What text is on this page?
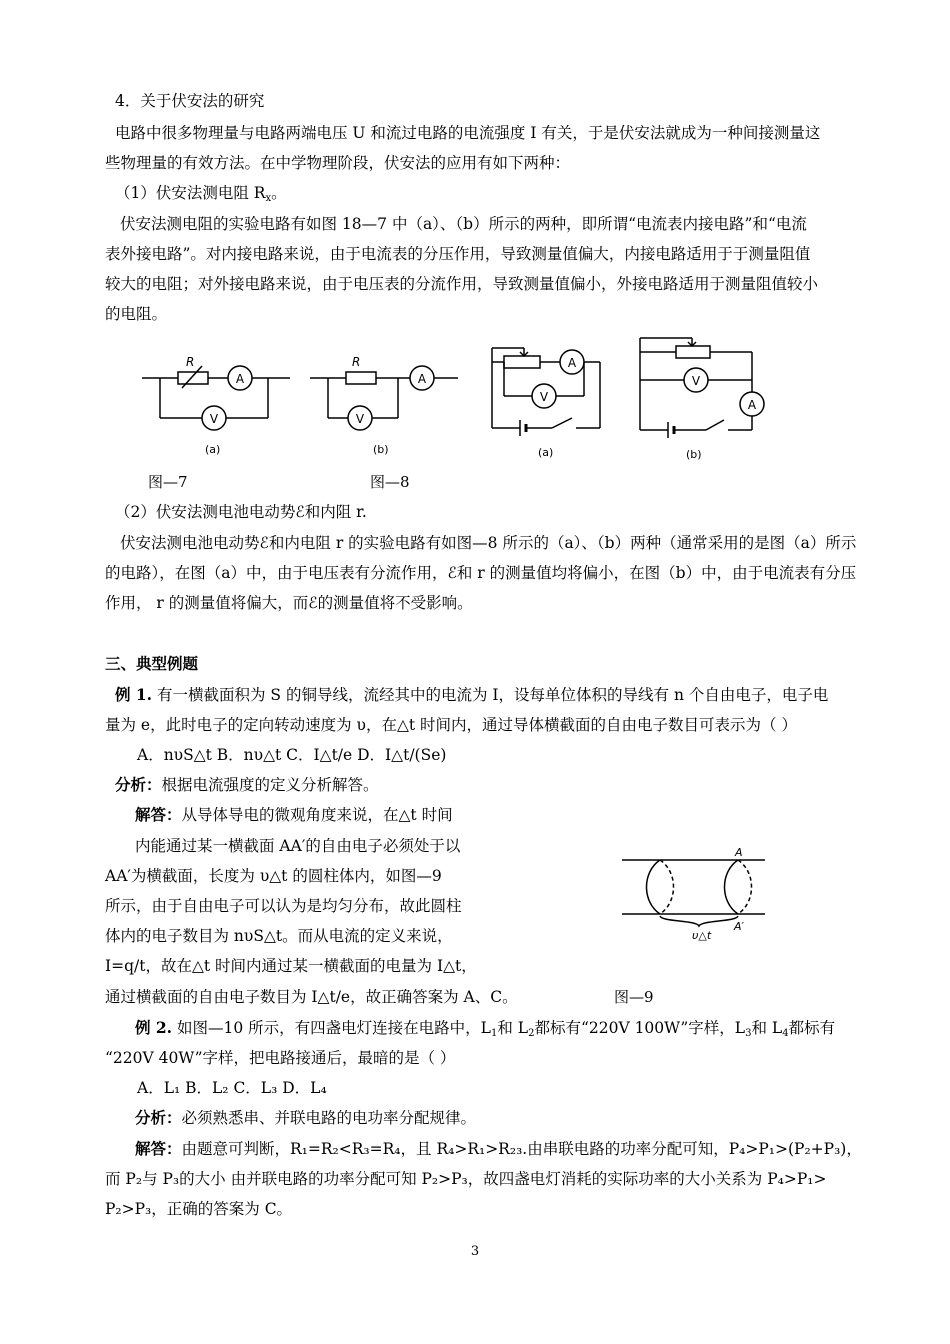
4．关于伏安法的研究
电路中很多物理量与电路两端电压 U 和流过电路的电流强度 I 有关，于是伏安法就成为一种间接测量这
些物理量的有效方法。在中学物理阶段，伏安法的应用有如下两种：
（1）伏安法测电阻 $R_x$。
伏安法测电阻的实验电路有如图 18—7 中（a）、（b）所示的两种，即所谓“电流表内接电路”和“电流
表外接电路”。对内接电路来说，由于电流表的分压作用，导致测量值偏大，内接电路适用于于测量阻值
较大的电阻；对外接电路来说，由于电压表的分流作用，导致测量值偏小，外接电路适用于测量阻值较小
的电阻。
R
A
V
(a)
R
A
V
(b)
A
V
(a)
A
V
(b)
图—7	图—8
（2）伏安法测电池电动势ℰ和内阻 r.
伏安法测电池电动势ℰ和内电阻 r 的实验电路有如图—8 所示的（a）、（b）两种（通常采用的是图（a）所示
的电路），在图（a）中，由于电压表有分流作用，ℰ和 r 的测量值均将偏小，在图（b）中，由于电流表有分压
作用， r 的测量值将偏大，而ℰ的测量值将不受影响。
三、典型例题
例 1. 有一横截面积为 S 的铜导线，流经其中的电流为 I，设每单位体积的导线有 n 个自由电子，电子电
量为 e，此时电子的定向转动速度为 υ，在△t 时间内，通过导体横截面的自由电子数目可表示为（ ）
A．nυS△t B．nυ△t C．I△t/e D．I△t/(Se)
分析：根据电流强度的定义分析解答。
解答：从导体导电的微观角度来说，在△t 时间
内能通过某一横截面 AA′的自由电子必须处于以
AA′为横截面，长度为 υ△t 的圆柱体内，如图—9
所示，由于自由电子可以认为是均匀分布，故此圆柱
体内的电子数目为 nυS△t。而从电流的定义来说，
I=q/t，故在△t 时间内通过某一横截面的电量为 I△t，
通过横截面的自由电子数目为 I△t/e，故正确答案为 A、C。
A
A′
υ△t
图—9
例 2. 如图—10 所示，有四盏电灯连接在电路中，$L_1$和 $L_2$都标有“220V 100W”字样，$L_3$和 $L_4$都标有
“220V 40W”字样，把电路接通后，最暗的是（ ）
A．L₁ B．L₂ C．L₃ D．L₄
分析：必须熟悉串、并联电路的电功率分配规律。
解答：由题意可判断，R₁=R₂<R₃=R₄，且 R₄>R₁>R₂₃.由串联电路的功率分配可知，P₄>P₁>(P₂+P₃)，
而 P₂与 P₃的大小 由并联电路的功率分配可知 P₂>P₃，故四盏电灯消耗的实际功率的大小关系为 P₄>P₁>
P₂>P₃，正确的答案为 C。
3
